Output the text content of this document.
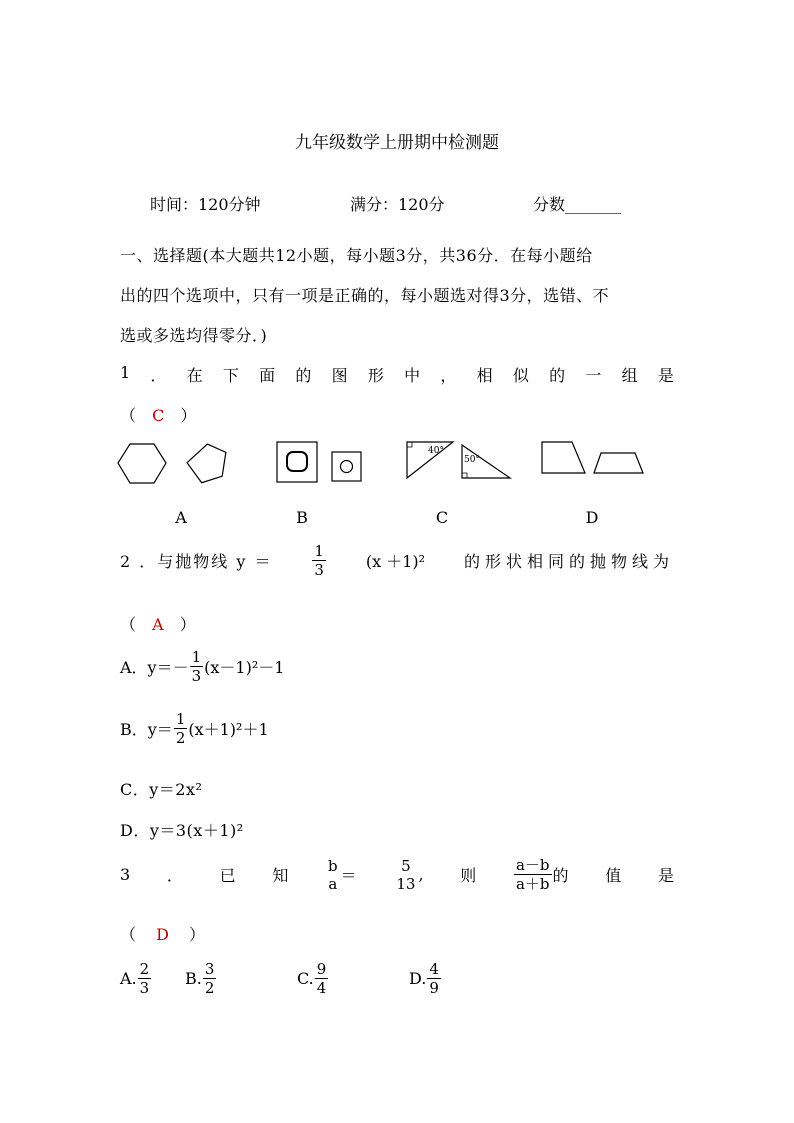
九年级数学上册期中检测题
时间：120分钟	满分：120分	分数_______
一、选择题(本大题共12小题，每小题3分，共36分．在每小题给
出的四个选项中，只有一项是正确的，每小题选对得3分，选错、不
选或多选均得零分．)
1 ． 在 下 面 的 图 形 中 ， 相 似 的 一 组 是
（ C ）
40°
50°
A	B	C	D
2 ．与抛物线 y ＝	$\frac{1}{3} (x +1)^2$ 的形状相同的抛物线为
（ A ）
A．$y=- \frac{1}{3} (x-1)^2-1$
B．$y= \frac{1}{2} (x+1)^2+1$
C．y＝2x²
D．y＝3(x＋1)²
3 ． 已 知
b
a ＝
5
13 , 则	$\frac{a-b}{a+b}$ 的 值 是
（ D ）
A. $\frac{2}{3} B$. $\frac{3}{2}$	C. $\frac{9}{4}$	D. $\frac{4}{9}$
